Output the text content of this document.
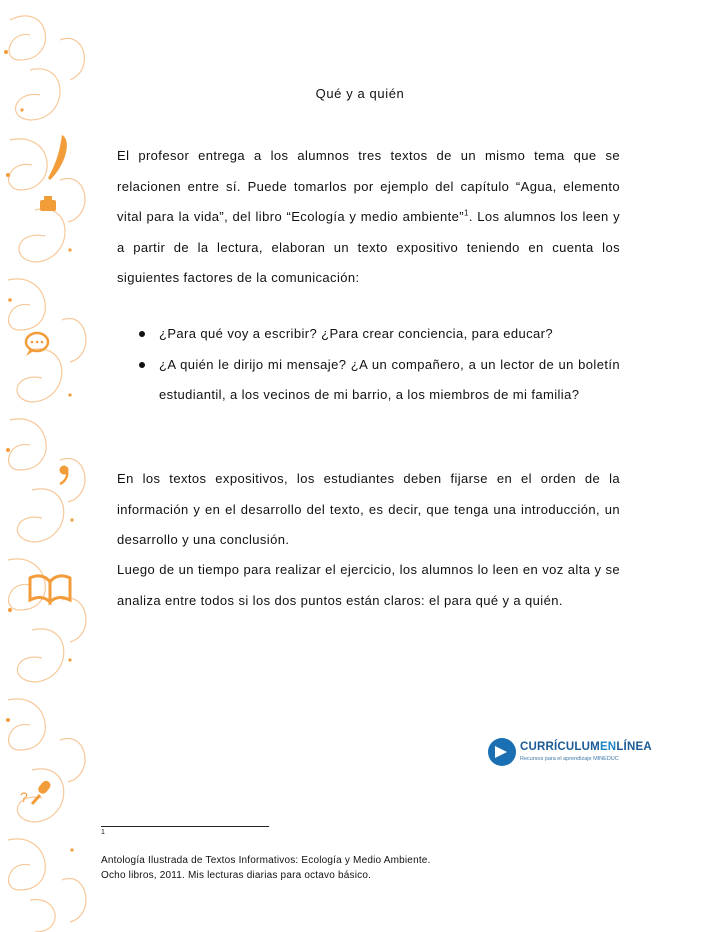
?
Qué y a quién

El profesor entrega a los alumnos tres textos de un mismo tema que se relacionen entre sí. Puede tomarlos por ejemplo del capítulo “Agua, elemento vital para la vida”, del libro “Ecología y medio ambiente”$^1$. Los alumnos los leen y a partir de la lectura, elaboran un texto expositivo teniendo en cuenta los siguientes factores de la comunicación:

¿Para qué voy a escribir? ¿Para crear conciencia, para educar?
¿A quién le dirijo mi mensaje? ¿A un compañero, a un lector de un boletín estudiantil, a los vecinos de mi barrio, a los miembros de mi familia?

En los textos expositivos, los estudiantes deben fijarse en el orden de la información y en el desarrollo del texto, es decir, que tenga una introducción, un desarrollo y una conclusión.

Luego de un tiempo para realizar el ejercicio, los alumnos lo leen en voz alta y se analiza entre todos si los dos puntos están claros: el para qué y a quién.

CURRÍCULUMENLÍNEA
Recursos para el aprendizaje MINEDUC
1
Antología Ilustrada de Textos Informativos: Ecología y Medio Ambiente.
Ocho libros, 2011. Mis lecturas diarias para octavo básico.
